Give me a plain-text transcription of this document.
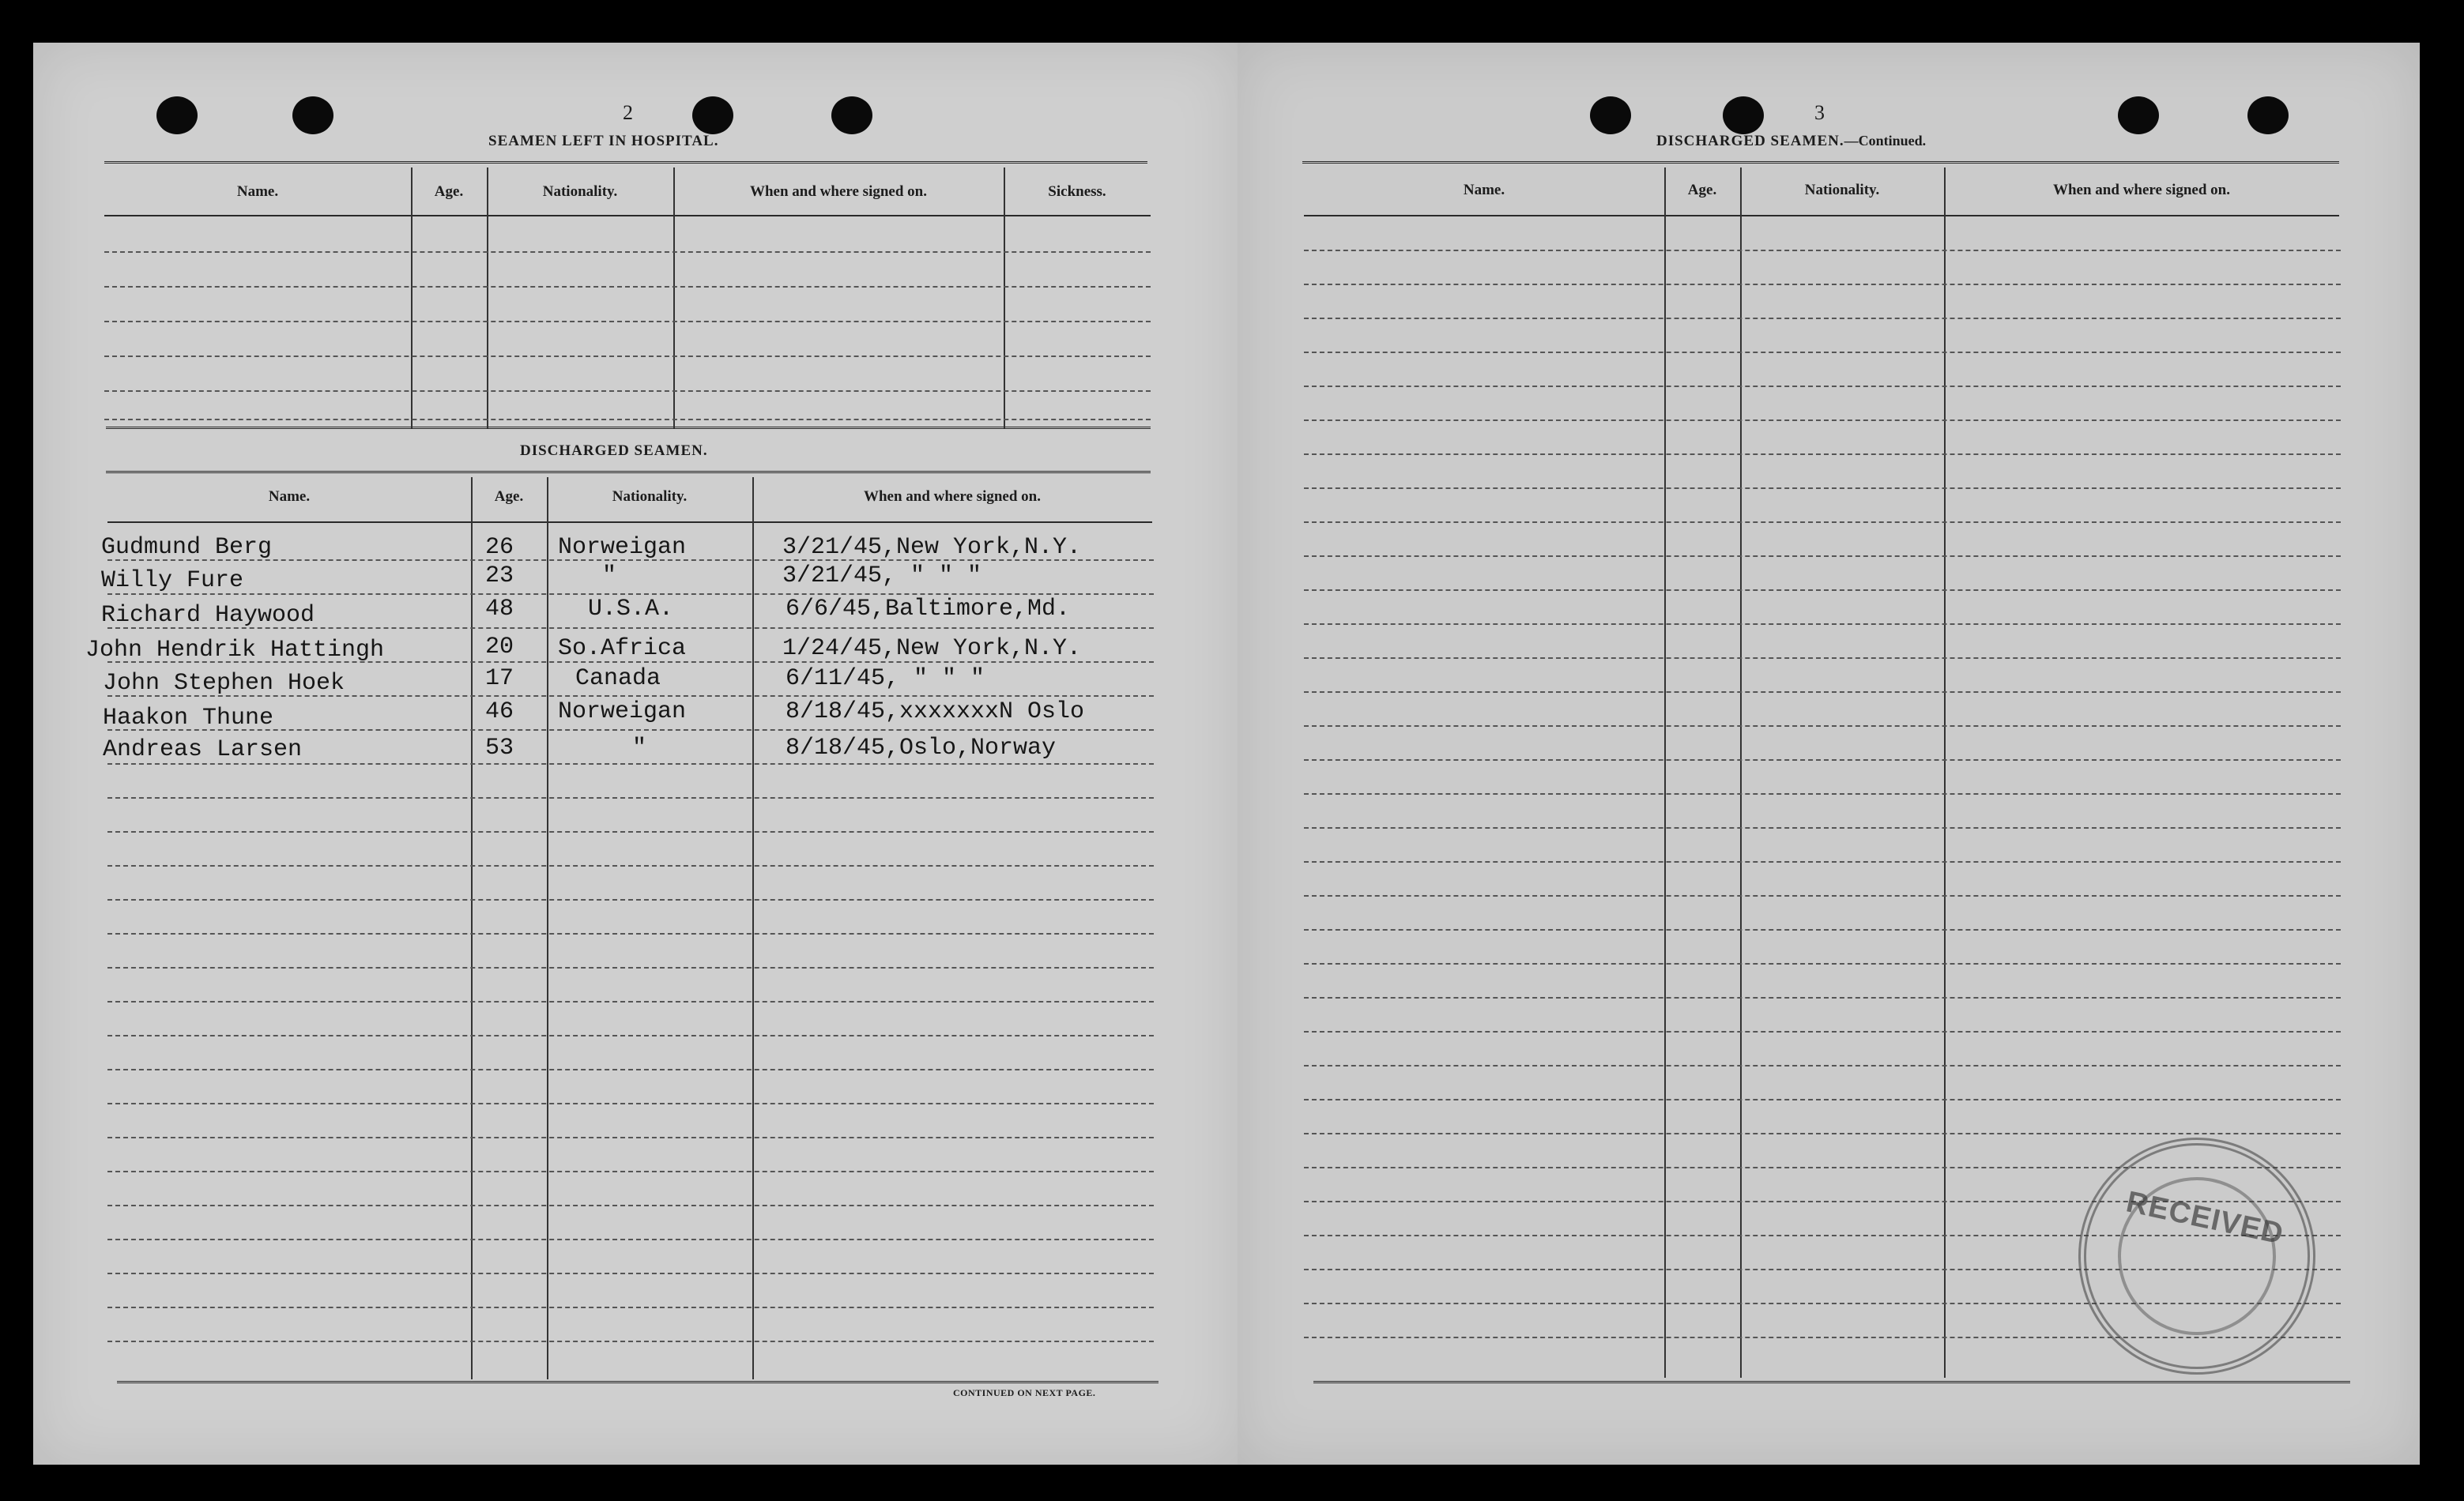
2
SEAMEN LEFT IN HOSPITAL.
Name.	Age.	Nationality.	When and where signed on.	Sickness.
DISCHARGED SEAMEN.
Name.	Age.	Nationality.	When and where signed on.
Gudmund Berg	26 Norweigan	3/21/45,New York,N.Y.
Willy Fure	23	"	3/21/45, " " "
Richard Haywood	48	U.S.A.	6/6/45,Baltimore,Md.
John Hendrik Hattingh	20 So.Africa	1/24/45,New York,N.Y.
John Stephen Hoek	17	Canada	6/11/45, " " "
Haakon Thune	46 Norweigan	8/18/45,xxxxxxxN Oslo
Andreas Larsen	53	"	8/18/45,Oslo,Norway
CONTINUED ON NEXT PAGE.
3
DISCHARGED SEAMEN.—Continued.
Name.	Age.	Nationality.	When and where signed on.
RECEIVED
